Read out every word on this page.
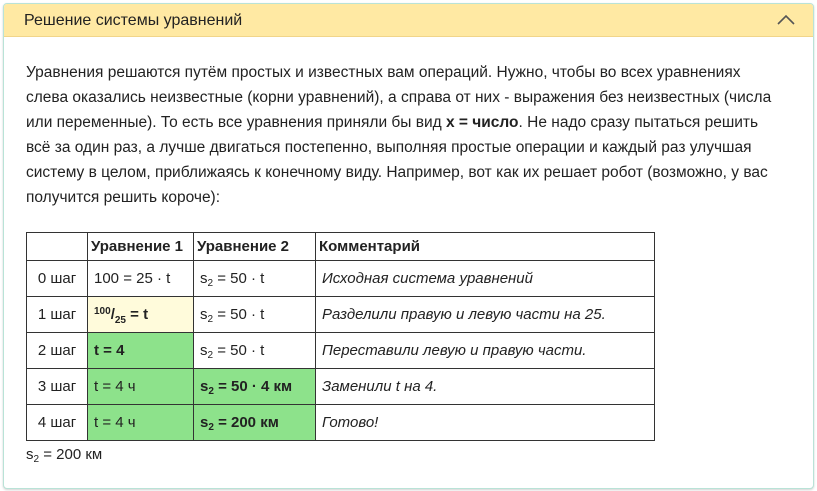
Решение системы уравнений

Уравнения решаются путём простых и известных вам операций. Нужно, чтобы во всех уравнениях слева оказались неизвестные (корни уравнений), а справа от них - выражения без неизвестных (числа или переменные). То есть все уравнения приняли бы вид x = число. Не надо сразу пытаться решить всё за один раз, а лучше двигаться постепенно, выполняя простые операции и каждый раз улучшая систему в целом, приближаясь к конечному виду. Например, вот как их решает робот (возможно, у вас получится решить короче):

	Уравнение 1	Уравнение 2	Комментарий
0 шаг	100 = 25 · t	$s_2 = 50 \cdot t$	Исходная система уравнений
1 шаг	$^{100}/_{25} = t$	$s_2 = 50 \cdot t$	Разделили правую и левую части на 25.
2 шаг	t = 4	$s_2 = 50 \cdot t$	Переставили левую и правую части.
3 шаг	t = 4 ч	$s_2 = 50 \cdot 4$ км	Заменили t на 4.
4 шаг	t = 4 ч	$s_2 = 200$ км	Готово!
$s_2 = 200$ км
